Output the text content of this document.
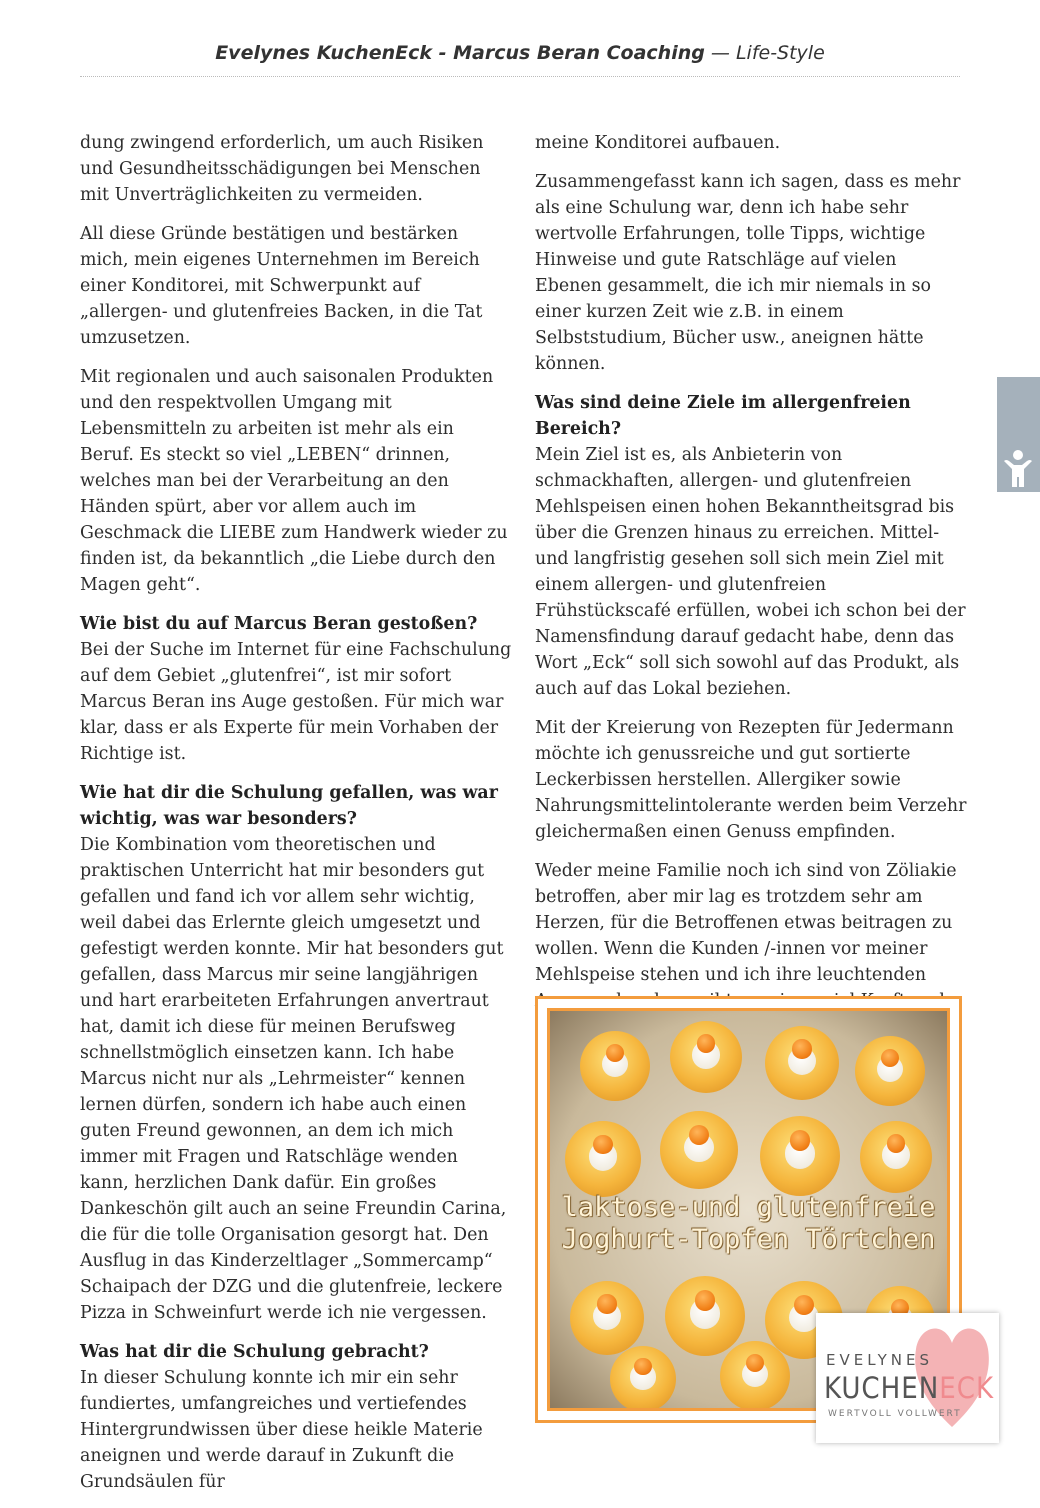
Evelynes KuchenEck - Marcus Beran Coaching — Life-Style

dung zwingend erforderlich, um auch Risiken und Gesundheitsschädigungen bei Menschen mit Unverträglichkeiten zu vermeiden.

All diese Gründe bestätigen und bestärken mich, mein eigenes Unternehmen im Bereich einer Konditorei, mit Schwerpunkt auf „allergen- und glutenfreies Backen, in die Tat umzusetzen.

Mit regionalen und auch saisonalen Produkten und den respektvollen Umgang mit Lebensmitteln zu arbeiten ist mehr als ein Beruf. Es steckt so viel „LEBEN“ drinnen, welches man bei der Verarbeitung an den Händen spürt, aber vor allem auch im Geschmack die LIEBE zum Handwerk wieder zu finden ist, da bekanntlich „die Liebe durch den Magen geht“.

Wie bist du auf Marcus Beran gestoßen?

Bei der Suche im Internet für eine Fachschulung auf dem Gebiet „glutenfrei“, ist mir sofort Marcus Beran ins Auge gestoßen. Für mich war klar, dass er als Experte für mein Vorhaben der Richtige ist.

Wie hat dir die Schulung gefallen, was war wichtig, was war besonders?

Die Kombination vom theoretischen und praktischen Unterricht hat mir besonders gut gefallen und fand ich vor allem sehr wichtig, weil dabei das Erlernte gleich umgesetzt und gefestigt werden konnte. Mir hat besonders gut gefallen, dass Marcus mir seine langjährigen und hart erarbeiteten Erfahrungen anvertraut hat, damit ich diese für meinen Berufsweg schnellstmöglich einsetzen kann. Ich habe Marcus nicht nur als „Lehrmeister“ kennen lernen dürfen, sondern ich habe auch einen guten Freund gewonnen, an dem ich mich immer mit Fragen und Ratschläge wenden kann, herzlichen Dank dafür. Ein großes Dankeschön gilt auch an seine Freundin Carina, die für die tolle Organisation gesorgt hat. Den Ausflug in das Kinderzeltlager „Sommercamp“ Schaipach der DZG und die glutenfreie, leckere Pizza in Schweinfurt werde ich nie vergessen.

Was hat dir die Schulung gebracht?

In dieser Schulung konnte ich mir ein sehr fundiertes, umfangreiches und vertiefendes Hintergrundwissen über diese heikle Materie aneignen und werde darauf in Zukunft die Grundsäulen für

meine Konditorei aufbauen.

Zusammengefasst kann ich sagen, dass es mehr als eine Schulung war, denn ich habe sehr wertvolle Erfahrungen, tolle Tipps, wichtige Hinweise und gute Ratschläge auf vielen Ebenen gesammelt, die ich mir niemals in so einer kurzen Zeit wie z.B. in einem Selbststudium, Bücher usw., aneignen hätte können.

Was sind deine Ziele im allergenfreien Bereich?

Mein Ziel ist es, als Anbieterin von schmackhaften, allergen- und glutenfreien Mehlspeisen einen hohen Bekanntheitsgrad bis über die Grenzen hinaus zu erreichen. Mittel- und langfristig gesehen soll sich mein Ziel mit einem allergen- und glutenfreien Frühstückscafé erfüllen, wobei ich schon bei der Namensfindung darauf gedacht habe, denn das Wort „Eck“ soll sich sowohl auf das Produkt, als auch auf das Lokal beziehen.

Mit der Kreierung von Rezepten für Jedermann möchte ich genussreiche und gut sortierte Leckerbissen herstellen. Allergiker sowie Nahrungsmittelintolerante werden beim Verzehr gleichermaßen einen Genuss empfinden.

Weder meine Familie noch ich sind von Zöliakie betroffen, aber mir lag es trotzdem sehr am Herzen, für die Betroffenen etwas beitragen zu wollen. Wenn die Kunden /-innen vor meiner Mehlspeise stehen und ich ihre leuchtenden

laktose-und glutenfreie
Joghurt-Topfen Törtchen
EVELYNES
KUCHENECK
WERTVOLL VOLLWERT
